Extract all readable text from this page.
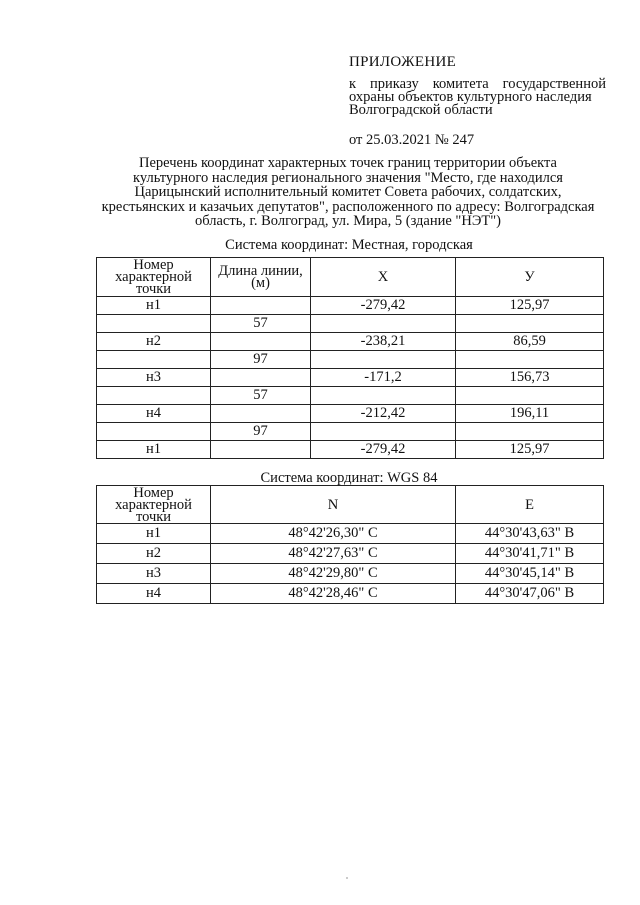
ПРИЛОЖЕНИЕ
к приказу комитета государственной
охраны объектов культурного наследия
Волгоградской области
от 25.03.2021 № 247
Перечень координат характерных точек границ территории объекта
культурного наследия регионального значения "Место, где находился
Царицынский исполнительный комитет Совета рабочих, солдатских,
крестьянских и казачьих депутатов", расположенного по адресу: Волгоградская
область, г. Волгоград, ул. Мира, 5 (здание "НЭТ")
Система координат: Местная, городская
Номер характерной точки	Длина линии, (м)	X	У
н1		-279,42	125,97
	57		
н2		-238,21	86,59
	97		
н3		-171,2	156,73
	57		
н4		-212,42	196,11
	97		
н1		-279,42	125,97
Система координат: WGS 84
Номер характерной точки	N	E
н1	48°42'26,30" С	44°30'43,63" В
н2	48°42'27,63" С	44°30'41,71" В
н3	48°42'29,80" С	44°30'45,14" В
н4	48°42'28,46" С	44°30'47,06" В
